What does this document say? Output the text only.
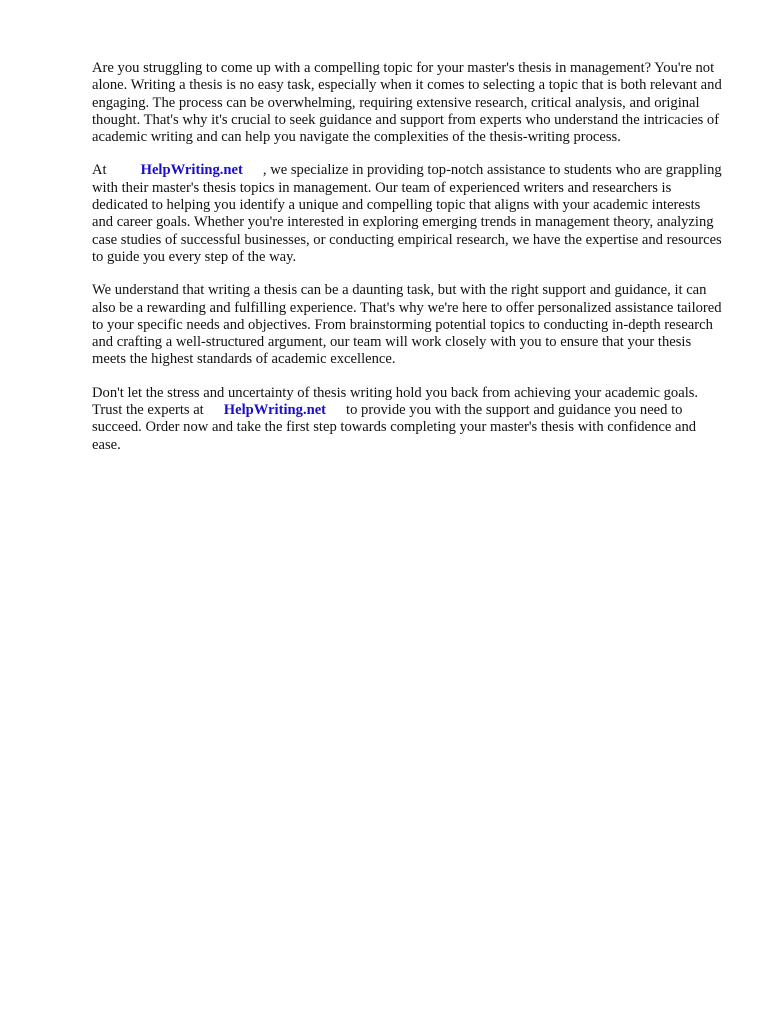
Are you struggling to come up with a compelling topic for your master's thesis in management? You're not alone. Writing a thesis is no easy task, especially when it comes to selecting a topic that is both relevant and engaging. The process can be overwhelming, requiring extensive research, critical analysis, and original thought. That's why it's crucial to seek guidance and support from experts who understand the intricacies of academic writing and can help you navigate the complexities of the thesis-writing process.

At HelpWriting.net , we specialize in providing top-notch assistance to students who are grappling with their master's thesis topics in management. Our team of experienced writers and researchers is dedicated to helping you identify a unique and compelling topic that aligns with your academic interests and career goals. Whether you're interested in exploring emerging trends in management theory, analyzing case studies of successful businesses, or conducting empirical research, we have the expertise and resources to guide you every step of the way.

We understand that writing a thesis can be a daunting task, but with the right support and guidance, it can also be a rewarding and fulfilling experience. That's why we're here to offer personalized assistance tailored to your specific needs and objectives. From brainstorming potential topics to conducting in-depth research and crafting a well-structured argument, our team will work closely with you to ensure that your thesis meets the highest standards of academic excellence.

Don't let the stress and uncertainty of thesis writing hold you back from achieving your academic goals. Trust the experts at HelpWriting.net to provide you with the support and guidance you need to succeed. Order now and take the first step towards completing your master's thesis with confidence and ease.
